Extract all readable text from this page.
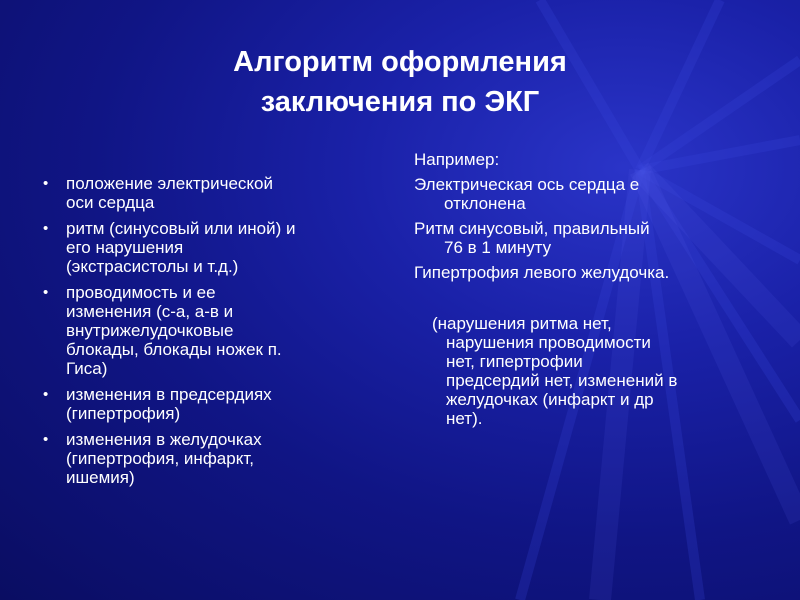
Алгоритм оформления
заключения по ЭКГ
• положение электрической
оси сердца
• ритм (синусовый или иной) и
его нарушения
(экстрасистолы и т.д.)
• проводимость и ее
изменения (с-а, а-в и
внутрижелудочковые
блокады, блокады ножек п.
Гиса)
• изменения в предсердиях
(гипертрофия)
• изменения в желудочках
(гипертрофия, инфаркт,
ишемия)
Например:
Электрическая ось сердца е
отклонена
Ритм синусовый, правильный
76 в 1 минуту
Гипертрофия левого желудочка.
(нарушения ритма нет,
нарушения проводимости
нет, гипертрофии
предсердий нет, изменений в
желудочках (инфаркт и др
нет).
